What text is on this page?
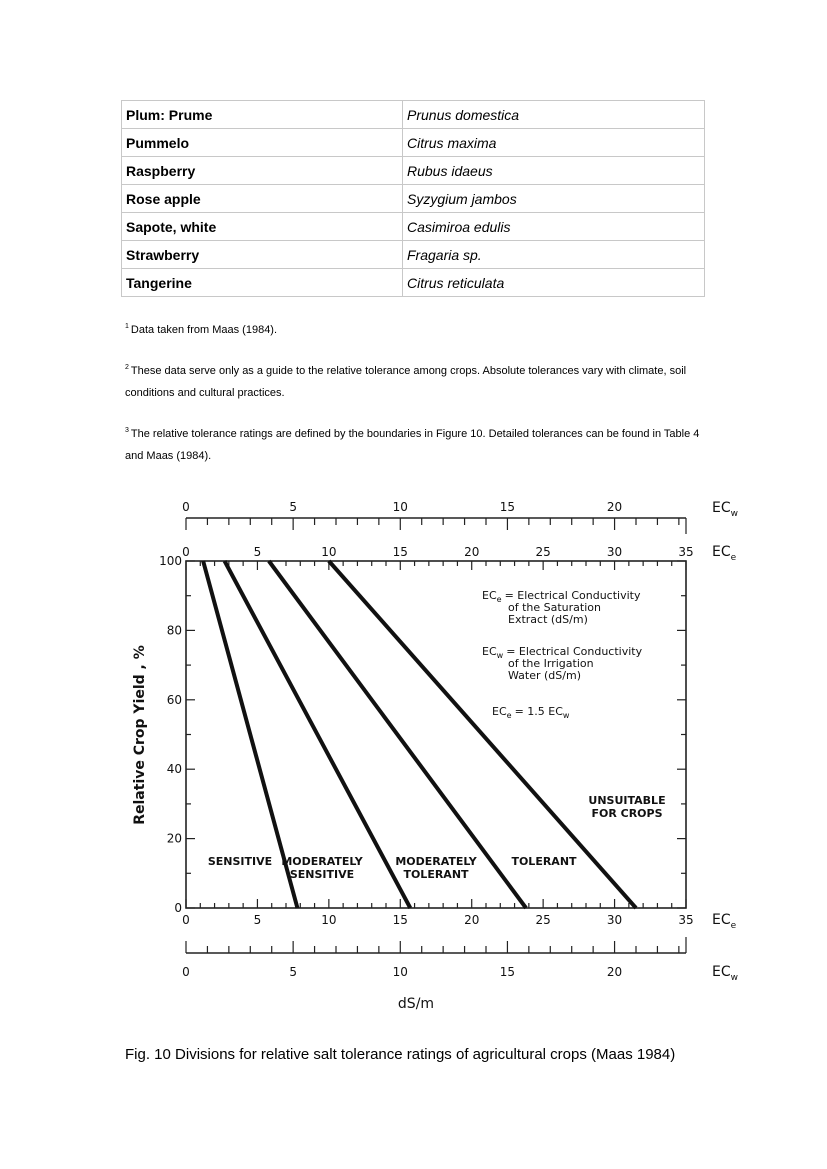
Plum: Prume	Prunus domestica
Pummelo	Citrus maxima
Raspberry	Rubus idaeus
Rose apple	Syzygium jambos
Sapote, white	Casimiroa edulis
Strawberry	Fragaria sp.
Tangerine	Citrus reticulata
$^1$ Data taken from Maas (1984).
$^2$ These data serve only as a guide to the relative tolerance among crops. Absolute tolerances vary with climate, soil conditions and cultural practices.
$^3$ The relative tolerance ratings are defined by the boundaries in Figure 10. Detailed tolerances can be found in Table 4 and Maas (1984).
$EC_w$
$EC_e$
0
0
5
5
10
10
15
15
20
20
25
25
30
30
35
35
0
0
5
5
10
10
15
15
20
20
0
20
40
60
80
100
Relative Crop Yield , %
SENSITIVE MODERATELY SENSITIVE
MODERATELY TOLERANT
TOLERANT
UNSUITABLE FOR CROPS
$EC_e$ = Electrical Conductivity of the Saturation Extract (dS/m)
$EC_w$ = Electrical Conductivity of the Irrigation Water (dS/m)
$EC_e = 1.5$ $EC_w$
$EC_e$
$EC_w$
dS/m
Fig. 10 Divisions for relative salt tolerance ratings of agricultural crops (Maas 1984)
